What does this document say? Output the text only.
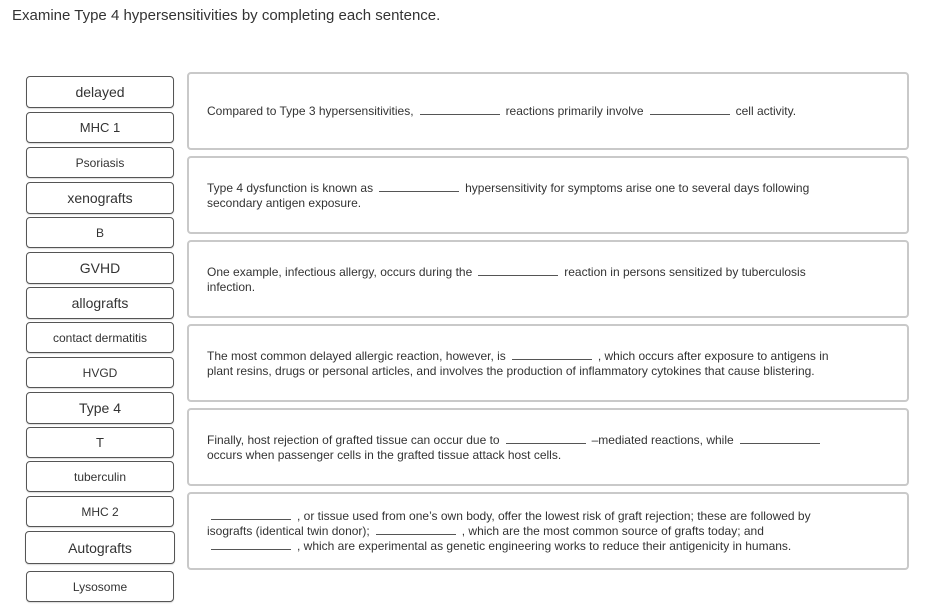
Examine Type 4 hypersensitivities by completing each sentence.
delayed
MHC 1
Psoriasis
xenografts
B
GVHD
allografts
contact dermatitis
HVGD
Type 4
T
tuberculin
MHC 2
Autografts
Lysosome
Compared to Type 3 hypersensitivities,	reactions primarily involve	cell activity.
Type 4 dysfunction is known as	hypersensitivity for symptoms arise one to several days following secondary antigen exposure.
One example, infectious allergy, occurs during the	reaction in persons sensitized by tuberculosis infection.
The most common delayed allergic reaction, however, is	, which occurs after exposure to antigens in plant resins, drugs or personal articles, and involves the production of inflammatory cytokines that cause blistering.
Finally, host rejection of grafted tissue can occur due to	–mediated reactions, whileoccurs when passenger cells in the grafted tissue attack host cells.
, or tissue used from one’s own body, offer the lowest risk of graft rejection; these are followed by isografts (identical twin donor);	, which are the most common source of grafts today; and, which are experimental as genetic engineering works to reduce their antigenicity in humans.
